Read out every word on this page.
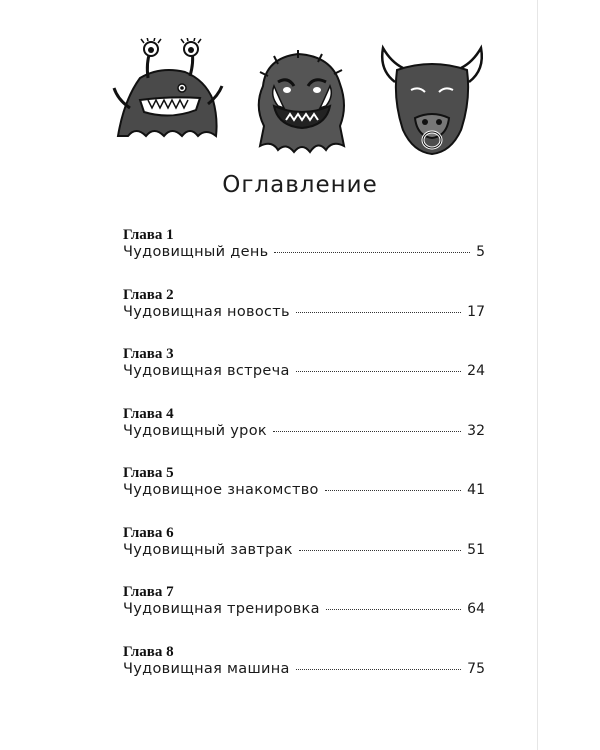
Оглавление
Глава 1
Чудовищный день	5
Глава 2
Чудовищная новость	17
Глава 3
Чудовищная встреча	24
Глава 4
Чудовищный урок	32
Глава 5
Чудовищное знакомство	41
Глава 6
Чудовищный завтрак	51
Глава 7
Чудовищная тренировка	64
Глава 8
Чудовищная машина	75
